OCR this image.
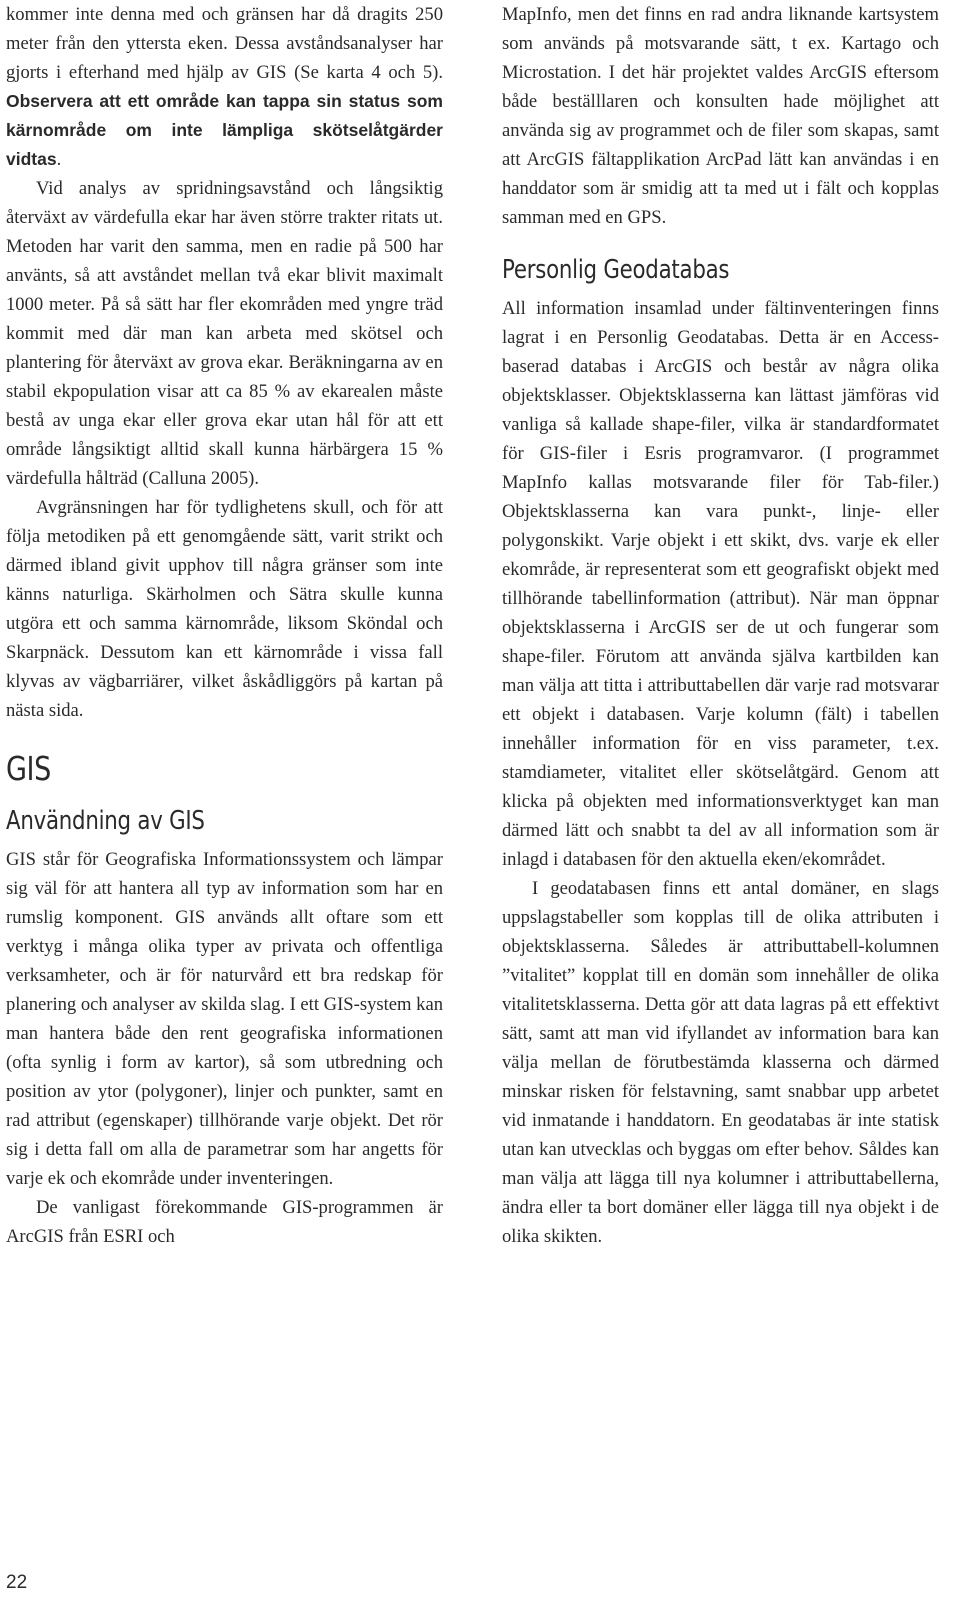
kommer inte denna med och gränsen har då dragits 250 meter från den yttersta eken. Dessa avståndsanalyser har gjorts i efterhand med hjälp av GIS (Se karta 4 och 5). Observera att ett område kan tappa sin status som kärnområde om inte lämpliga skötselåtgärder vidtas.

Vid analys av spridningsavstånd och långsiktig återväxt av värdefulla ekar har även större trakter ritats ut. Metoden har varit den samma, men en radie på 500 har använts, så att avståndet mellan två ekar blivit maximalt 1000 meter. På så sätt har fler ekområden med yngre träd kommit med där man kan arbeta med skötsel och plantering för återväxt av grova ekar. Beräkningarna av en stabil ekpopulation visar att ca 85 % av ekarealen måste bestå av unga ekar eller grova ekar utan hål för att ett område långsiktigt alltid skall kunna härbärgera 15 % värdefulla hålträd (Calluna 2005).

Avgränsningen har för tydlighetens skull, och för att följa metodiken på ett genomgående sätt, varit strikt och därmed ibland givit upphov till några gränser som inte känns naturliga. Skärholmen och Sätra skulle kunna utgöra ett och samma kärnområde, liksom Sköndal och Skarpnäck. Dessutom kan ett kärnområde i vissa fall klyvas av vägbarriärer, vilket åskådliggörs på kartan på nästa sida.

GIS
Användning av GIS

GIS står för Geografiska Informationssystem och lämpar sig väl för att hantera all typ av information som har en rumslig komponent. GIS används allt oftare som ett verktyg i många olika typer av privata och offentliga verksamheter, och är för naturvård ett bra redskap för planering och analyser av skilda slag. I ett GIS-system kan man hantera både den rent geografiska informationen (ofta synlig i form av kartor), så som utbredning och position av ytor (polygoner), linjer och punkter, samt en rad attribut (egenskaper) tillhörande varje objekt. Det rör sig i detta fall om alla de parametrar som har angetts för varje ek och ekområde under inventeringen.

De vanligast förekommande GIS-programmen är ArcGIS från ESRI och

MapInfo, men det finns en rad andra liknande kartsystem som används på motsvarande sätt, t ex. Kartago och Microstation. I det här projektet valdes ArcGIS eftersom både beställlaren och konsulten hade möjlighet att använda sig av programmet och de filer som skapas, samt att ArcGIS fältapplikation ArcPad lätt kan användas i en handdator som är smidig att ta med ut i fält och kopplas samman med en GPS.

Personlig Geodatabas

All information insamlad under fältinventeringen finns lagrat i en Personlig Geodatabas. Detta är en Access-baserad databas i ArcGIS och består av några olika objektsklasser. Objektsklasserna kan lättast jämföras vid vanliga så kallade shape-filer, vilka är standardformatet för GIS-filer i Esris programvaror. (I programmet MapInfo kallas motsvarande filer för Tab-filer.) Objektsklasserna kan vara punkt-, linje- eller polygonskikt. Varje objekt i ett skikt, dvs. varje ek eller ekområde, är representerat som ett geografiskt objekt med tillhörande tabellinformation (attribut). När man öppnar objektsklasserna i ArcGIS ser de ut och fungerar som shape-filer. Förutom att använda själva kartbilden kan man välja att titta i attributtabellen där varje rad motsvarar ett objekt i databasen. Varje kolumn (fält) i tabellen innehåller information för en viss parameter, t.ex. stamdiameter, vitalitet eller skötselåtgärd. Genom att klicka på objekten med informationsverktyget kan man därmed lätt och snabbt ta del av all information som är inlagd i databasen för den aktuella eken/ekområdet.

I geodatabasen finns ett antal domäner, en slags uppslagstabeller som kopplas till de olika attributen i objektsklasserna. Således är attributtabell-kolumnen ”vitalitet” kopplat till en domän som innehåller de olika vitalitetsklasserna. Detta gör att data lagras på ett effektivt sätt, samt att man vid ifyllandet av information bara kan välja mellan de förutbestämda klasserna och därmed minskar risken för felstavning, samt snabbar upp arbetet vid inmatande i handdatorn. En geodatabas är inte statisk utan kan utvecklas och byggas om efter behov. Såldes kan man välja att lägga till nya kolumner i attributtabellerna, ändra eller ta bort domäner eller lägga till nya objekt i de olika skikten.

22
